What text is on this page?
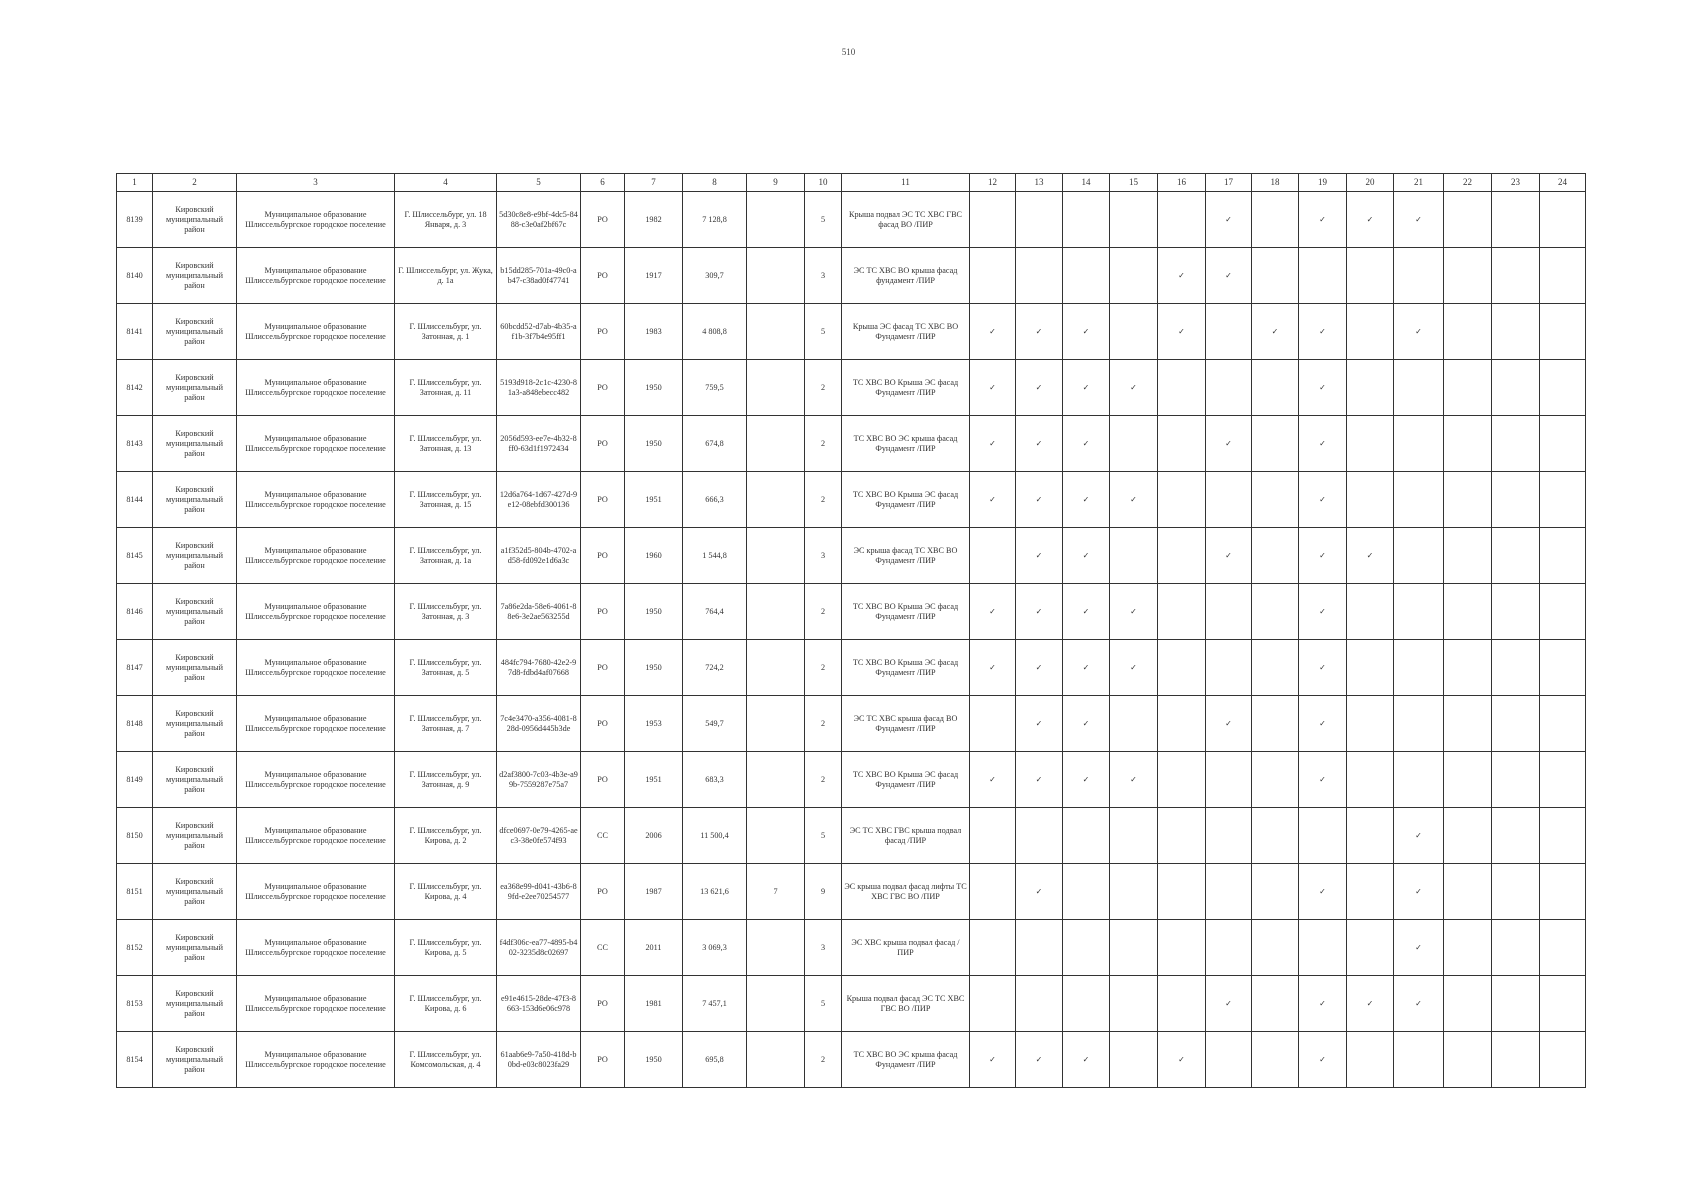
510
1	2	3	4	5	6	7	8	9	10	11	12	13	14	15	16	17	18	19	20	21	22	23	24
8139	Кировский муниципальный район	Муниципальное образование Шлиссельбургское городское поселение	Г. Шлиссельбург, ул. 18 Января, д. 3	5d30c8e8-e9bf-4dc5-8488-c3e0af2bf67c	РО	1982	7 128,8		5	Крыша подвал ЭС ТС ХВС ГВС фасад ВО /ПИР						✓		✓	✓	✓			
8140	Кировский муниципальный район	Муниципальное образование Шлиссельбургское городское поселение	Г. Шлиссельбург, ул. Жука, д. 1а	b15dd285-701a-49c0-ab47-c38ad0f47741	РО	1917	309,7		3	ЭС ТС ХВС ВО крыша фасад фундамент /ПИР					✓	✓							
8141	Кировский муниципальный район	Муниципальное образование Шлиссельбургское городское поселение	Г. Шлиссельбург, ул. Затонная, д. 1	60bcdd52-d7ab-4b35-af1b-3f7b4e95ff1	РО	1983	4 808,8		5	Крыша ЭС фасад ТС ХВС ВО Фундамент /ПИР	✓	✓	✓		✓		✓	✓		✓			
8142	Кировский муниципальный район	Муниципальное образование Шлиссельбургское городское поселение	Г. Шлиссельбург, ул. Затонная, д. 11	5193d918-2c1c-4230-81a3-a848ebecc482	РО	1950	759,5		2	ТС ХВС ВО Крыша ЭС фасад Фундамент /ПИР	✓	✓	✓	✓				✓					
8143	Кировский муниципальный район	Муниципальное образование Шлиссельбургское городское поселение	Г. Шлиссельбург, ул. Затонная, д. 13	2056d593-ee7e-4b32-8ff0-63d1f1972434	РО	1950	674,8		2	ТС ХВС ВО ЭС крыша фасад Фундамент /ПИР	✓	✓	✓			✓		✓					
8144	Кировский муниципальный район	Муниципальное образование Шлиссельбургское городское поселение	Г. Шлиссельбург, ул. Затонная, д. 15	12d6a764-1d67-427d-9e12-08ebfd300136	РО	1951	666,3		2	ТС ХВС ВО Крыша ЭС фасад Фундамент /ПИР	✓	✓	✓	✓				✓					
8145	Кировский муниципальный район	Муниципальное образование Шлиссельбургское городское поселение	Г. Шлиссельбург, ул. Затонная, д. 1а	a1f352d5-804b-4702-ad58-fd092e1d6a3c	РО	1960	1 544,8		3	ЭС крыша фасад ТС ХВС ВО Фундамент /ПИР		✓	✓			✓		✓	✓				
8146	Кировский муниципальный район	Муниципальное образование Шлиссельбургское городское поселение	Г. Шлиссельбург, ул. Затонная, д. 3	7a86e2da-58e6-4061-88e6-3e2ae563255d	РО	1950	764,4		2	ТС ХВС ВО Крыша ЭС фасад Фундамент /ПИР	✓	✓	✓	✓				✓					
8147	Кировский муниципальный район	Муниципальное образование Шлиссельбургское городское поселение	Г. Шлиссельбург, ул. Затонная, д. 5	484fc794-7680-42e2-97d8-fdbd4af07668	РО	1950	724,2		2	ТС ХВС ВО Крыша ЭС фасад Фундамент /ПИР	✓	✓	✓	✓				✓					
8148	Кировский муниципальный район	Муниципальное образование Шлиссельбургское городское поселение	Г. Шлиссельбург, ул. Затонная, д. 7	7c4e3470-a356-4081-828d-0956d445b3de	РО	1953	549,7		2	ЭС ТС ХВС крыша фасад ВО Фундамент /ПИР		✓	✓			✓		✓					
8149	Кировский муниципальный район	Муниципальное образование Шлиссельбургское городское поселение	Г. Шлиссельбург, ул. Затонная, д. 9	d2af3800-7c03-4b3e-a99b-7559287e75a7	РО	1951	683,3		2	ТС ХВС ВО Крыша ЭС фасад Фундамент /ПИР	✓	✓	✓	✓				✓					
8150	Кировский муниципальный район	Муниципальное образование Шлиссельбургское городское поселение	Г. Шлиссельбург, ул. Кирова, д. 2	dfce0697-0e79-4265-aec3-38e0fe574f93	СС	2006	11 500,4		5	ЭС ТС ХВС ГВС крыша подвал фасад /ПИР										✓			
8151	Кировский муниципальный район	Муниципальное образование Шлиссельбургское городское поселение	Г. Шлиссельбург, ул. Кирова, д. 4	ea368e99-d041-43b6-89fd-e2ee70254577	РО	1987	13 621,6	7	9	ЭС крыша подвал фасад лифты ТС ХВС ГВС ВО /ПИР		✓						✓		✓			
8152	Кировский муниципальный район	Муниципальное образование Шлиссельбургское городское поселение	Г. Шлиссельбург, ул. Кирова, д. 5	f4df306c-ea77-4895-b402-3235d8c02697	СС	2011	3 069,3		3	ЭС ХВС крыша подвал фасад /ПИР										✓			
8153	Кировский муниципальный район	Муниципальное образование Шлиссельбургское городское поселение	Г. Шлиссельбург, ул. Кирова, д. 6	e91e4615-28de-47f3-8663-153d6e06c978	РО	1981	7 457,1		5	Крыша подвал фасад ЭС ТС ХВС ГВС ВО /ПИР						✓		✓	✓	✓			
8154	Кировский муниципальный район	Муниципальное образование Шлиссельбургское городское поселение	Г. Шлиссельбург, ул. Комсомольская, д. 4	61aab6e9-7a50-418d-b0bd-e03c8023fa29	РО	1950	695,8		2	ТС ХВС ВО ЭС крыша фасад Фундамент /ПИР	✓	✓	✓		✓			✓					
